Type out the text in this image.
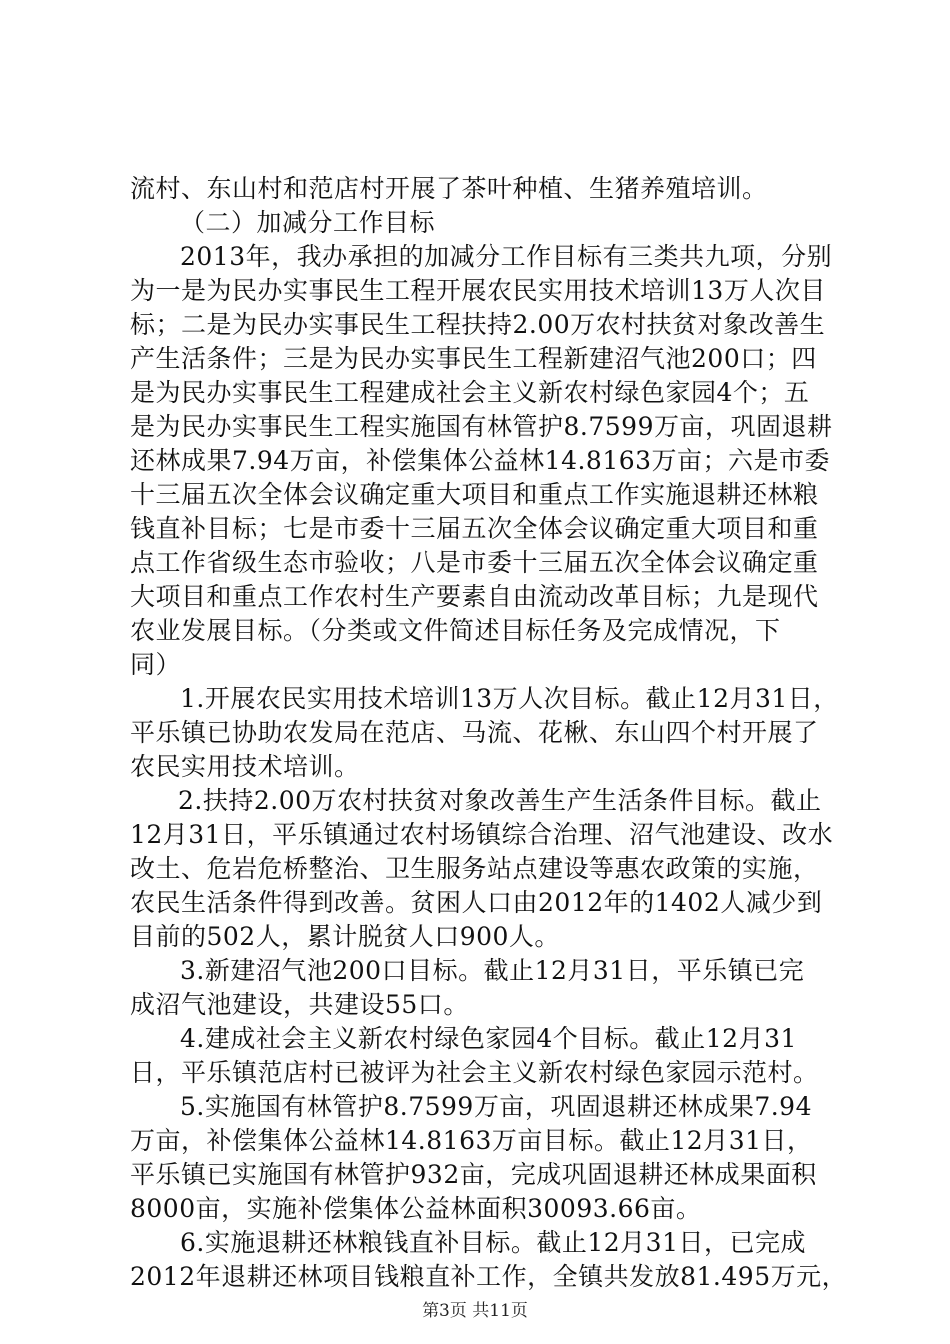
流村、东山村和范店村开展了茶叶种植、生猪养殖培训。
（二）加减分工作目标
2013年，我办承担的加减分工作目标有三类共九项，分别
为一是为民办实事民生工程开展农民实用技术培训13万人次目
标；二是为民办实事民生工程扶持2.00万农村扶贫对象改善生
产生活条件；三是为民办实事民生工程新建沼气池200口；四
是为民办实事民生工程建成社会主义新农村绿色家园4个；五
是为民办实事民生工程实施国有林管护8.7599万亩，巩固退耕
还林成果7.94万亩，补偿集体公益林14.8163万亩；六是市委
十三届五次全体会议确定重大项目和重点工作实施退耕还林粮
钱直补目标；七是市委十三届五次全体会议确定重大项目和重
点工作省级生态市验收；八是市委十三届五次全体会议确定重
大项目和重点工作农村生产要素自由流动改革目标；九是现代
农业发展目标。（分类或文件简述目标任务及完成情况，下
同）
1.开展农民实用技术培训13万人次目标。截止12月31日，
平乐镇已协助农发局在范店、马流、花楸、东山四个村开展了
农民实用技术培训。
2.扶持2.00万农村扶贫对象改善生产生活条件目标。截止
12月31日，平乐镇通过农村场镇综合治理、沼气池建设、改水
改土、危岩危桥整治、卫生服务站点建设等惠农政策的实施，
农民生活条件得到改善。贫困人口由2012年的1402人减少到
目前的502人，累计脱贫人口900人。
3.新建沼气池200口目标。截止12月31日，平乐镇已完
成沼气池建设，共建设55口。
4.建成社会主义新农村绿色家园4个目标。截止12月31
日，平乐镇范店村已被评为社会主义新农村绿色家园示范村。
5.实施国有林管护8.7599万亩，巩固退耕还林成果7.94
万亩，补偿集体公益林14.8163万亩目标。截止12月31日，
平乐镇已实施国有林管护932亩，完成巩固退耕还林成果面积
8000亩，实施补偿集体公益林面积30093.66亩。
6.实施退耕还林粮钱直补目标。截止12月31日，已完成
2012年退耕还林项目钱粮直补工作，全镇共发放81.495万元，
第3页 共11页
